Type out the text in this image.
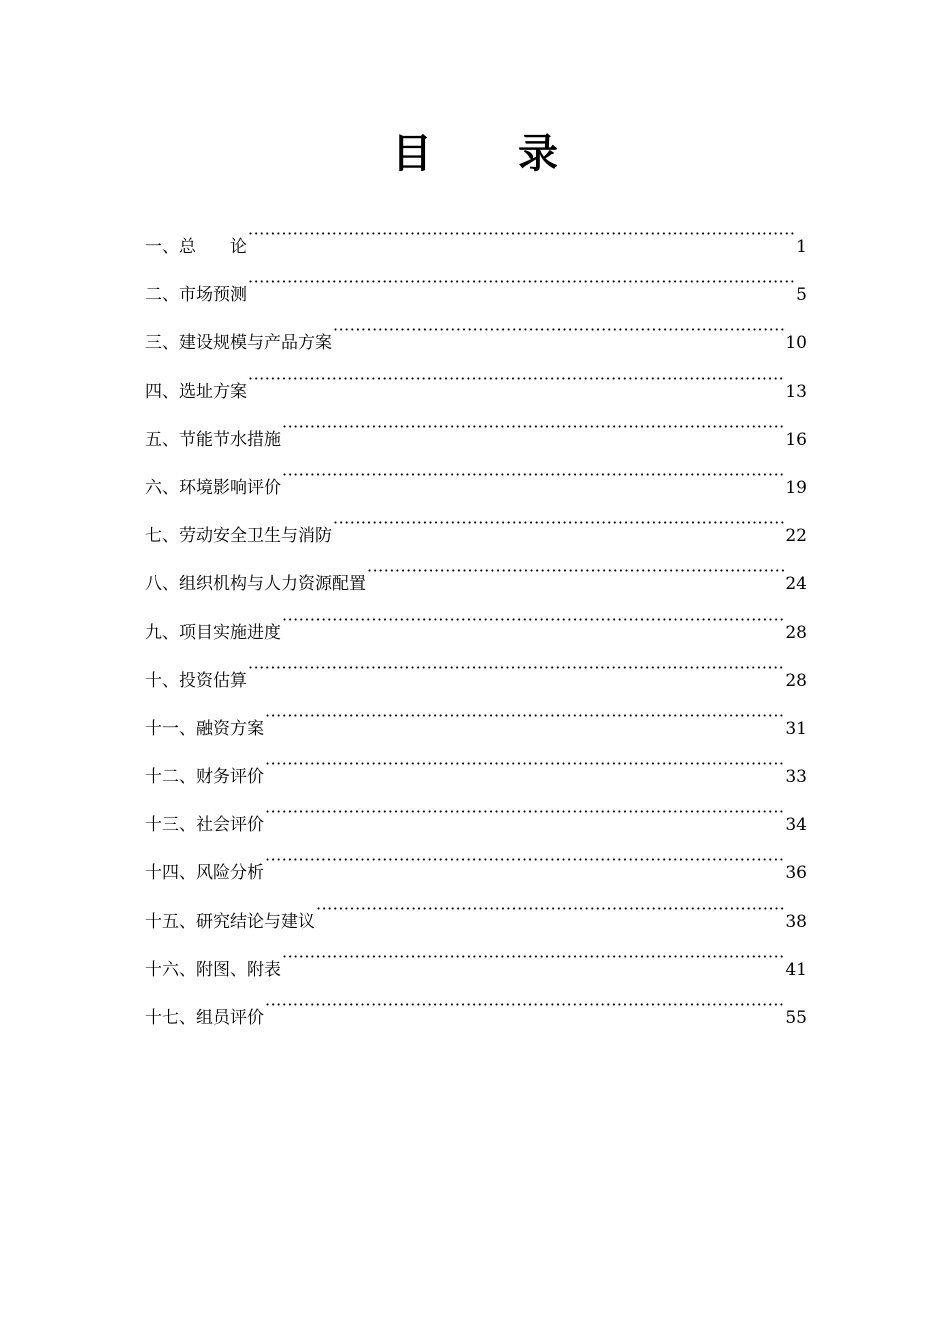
目 录
一、总　　论 ·····	1
二、市场预测 ·····	5
三、建设规模与产品方案 ·····	10
四、选址方案 ·····	13
五、节能节水措施 ·····	16
六、环境影响评价 ·····	19
七、劳动安全卫生与消防 ·····	22
八、组织机构与人力资源配置 ·····	24
九、项目实施进度 ·····	28
十、投资估算 ·····	28
十一、融资方案 ·····	31
十二、财务评价 ·····	33
十三、社会评价 ·····	34
十四、风险分析 ·····	36
十五、研究结论与建议 ·····	38
十六、附图、附表 ·····	41
十七、组员评价 ·····	55
